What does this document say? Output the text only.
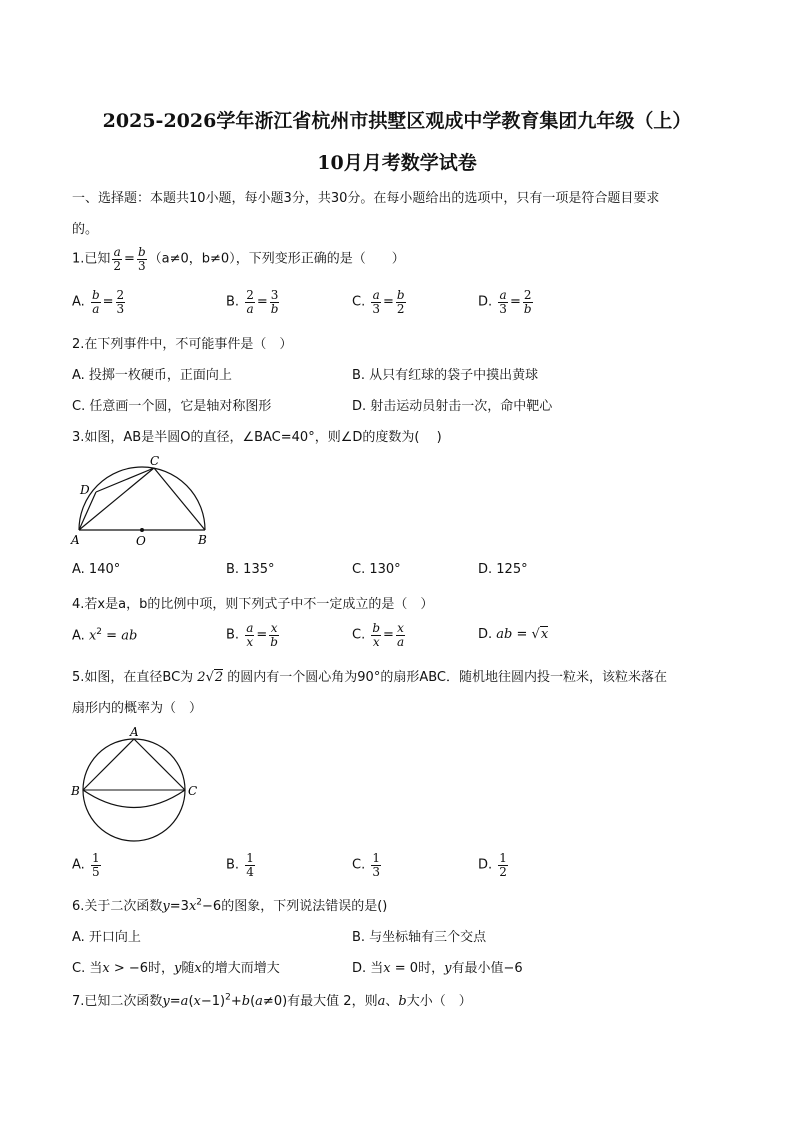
2025-2026学年浙江省杭州市拱墅区观成中学教育集团九年级（上）
10月月考数学试卷
一、选择题：本题共10小题，每小题3分，共30分。在每小题给出的选项中，只有一项是符合题目要求
的。
1.已知 $\frac{a}{2} = \frac{b}{3} (a\ne 0$，b≠0），下列变形正确的是（　　）
A. $\frac{b}{a} = \frac{2}{3}$	B. $\frac{2}{a} = \frac{3}{b}$	C. $\frac{a}{3} = \frac{b}{2}$	D. $\frac{a}{3} = \frac{2}{b}$
2.在下列事件中，不可能事件是（　）
A. 投掷一枚硬币，正面向上	B. 从只有红球的袋子中摸出黄球
C. 任意画一个圆，它是轴对称图形	D. 射击运动员射击一次，命中靶心
3.如图，AB是半圆O的直径，∠BAC=40°，则∠D的度数为(　 )
A	B
C
D
O
A. 140°	B. 135°	C. 130°	D. 125°
4.若x是a，b的比例中项，则下列式子中不一定成立的是（　）
A. $x^2$ = ab	B. $\frac{a}{x} = \frac{x}{b}$	C. $\frac{b}{x} = \frac{x}{a}$	D. ab = √x
5.如图，在直径BC为 2√2 的圆内有一个圆心角为90°的扇形ABC．随机地往圆内投一粒米，该粒米落在
扇形内的概率为（　）
A
B	C
A. $\frac{1}{5}$	B. $\frac{1}{4}$	C. $\frac{1}{3}$	D. $\frac{1}{2}$
6.关于二次函数$y=3x^2-6$的图象，下列说法错误的是()
A. 开口向上	B. 与坐标轴有三个交点
C. 当x > −6时，y随x的增大而增大	D. 当x = 0时，y有最小值−6
7.已知二次函数$y=a(x-1)^2+b(a\ne 0)$有最大值 2，则a、b大小（　）
